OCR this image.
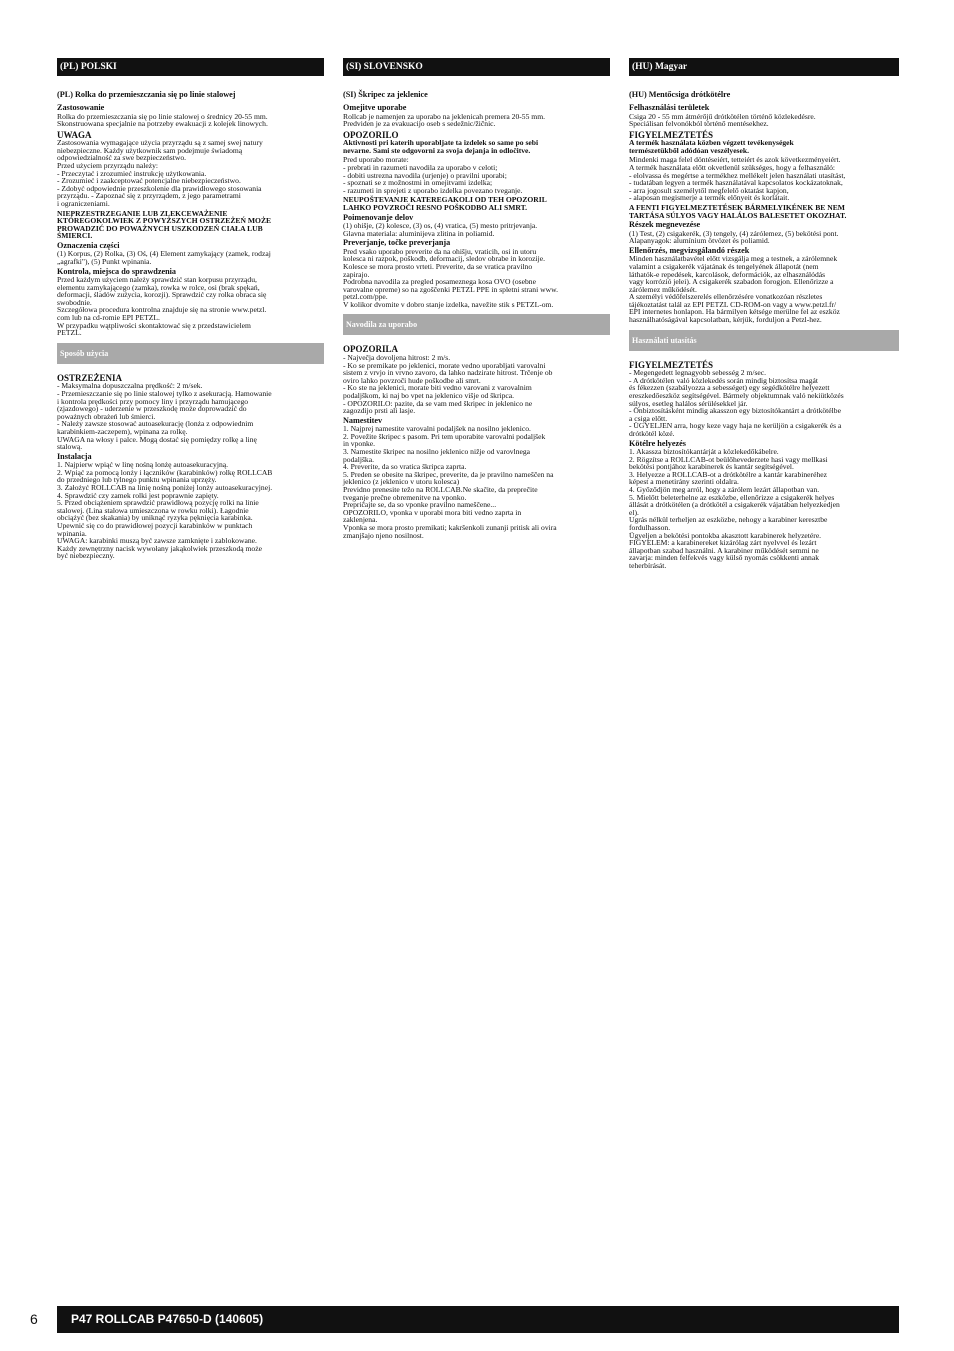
(PL) POLSKI
(PL) Rolka do przemieszczania się po linie stalowej
Zastosowanie
Rolka do przemieszczania się po linie stalowej o średnicy 20-55 mm.
Skonstruowana specjalnie na potrzeby ewakuacji z kolejek linowych.
UWAGA
Zastosowania wymagające użycia przyrządu są z samej swej natury
niebezpieczne. Każdy użytkownik sam podejmuje świadomą
odpowiedzialność za swe bezpieczeństwo.
Przed użyciem przyrządu należy:
- Przeczytać i zrozumieć instrukcję użytkowania.
- Zrozumieć i zaakceptować potencjalne niebezpieczeństwo.
- Zdobyć odpowiednie przeszkolenie dla prawidłowego stosowania
przyrządu. - Zapoznać się z przyrządem, z jego parametrami
i ograniczeniami.
NIEPRZESTRZEGANIE LUB ZLEKCEWAŻENIE
KTÓREGOKOLWIEK Z POWYŻSZYCH OSTRZEŻEŃ MOŻE
PROWADZIĆ DO POWAŻNYCH USZKODZEŃ CIAŁA LUB
ŚMIERCI.
Oznaczenia części
(1) Korpus, (2) Rolka, (3) Oś, (4) Element zamykający (zamek, rodzaj
„agrafki"), (5) Punkt wpinania.
Kontrola, miejsca do sprawdzenia
Przed każdym użyciem należy sprawdzić stan korpusu przyrządu,
elementu zamykającego (zamka), rowka w rolce, osi (brak spękań,
deformacji, śladów zużycia, korozji). Sprawdzić czy rolka obraca się
swobodnie.
Szczegółowa procedura kontrolna znajduje się na stronie www.petzl.
com lub na cd-romie EPI PETZL.
W przypadku wątpliwości skontaktować się z przedstawicielem
PETZL.
Sposób użycia
OSTRZEŻENIA
- Maksymalna dopuszczalna prędkość: 2 m/sek.
- Przemieszczanie się po linie stalowej tylko z asekuracją. Hamowanie
i kontrola prędkości przy pomocy liny i przyrządu hamującego
(zjazdowego) - uderzenie w przeszkodę może doprowadzić do
poważnych obrażeń lub śmierci.
- Należy zawsze stosować autoasekurację (lonża z odpowiednim
karabinkiem-zaczepem), wpinana za rolkę.
UWAGA na włosy i palce. Mogą dostać się pomiędzy rolkę a linę
stalową.
Instalacja
1. Najpierw wpiąć w linę nośną lonżę autoasekuracyjną.
2. Wpiąć za pomocą lonży i łączników (karabinków) rolkę ROLLCAB
do przedniego lub tylnego punktu wpinania uprzęży.
3. Założyć ROLLCAB na linię nośną poniżej lonży autoasekuracyjnej.
4. Sprawdzić czy zamek rolki jest poprawnie zapięty.
5. Przed obciążeniem sprawdzić prawidłową pozycję rolki na linie
stalowej. (Lina stalowa umieszczona w rowku rolki). Łagodnie
obciążyć (bez skakania) by uniknąć ryzyka pęknięcia karabinka.
Upewnić się co do prawidłowej pozycji karabinków w punktach
wpinania.
UWAGA: karabinki muszą być zawsze zamknięte i zablokowane.
Każdy zewnętrzny nacisk wywołany jakąkolwiek przeszkodą może
być niebezpieczny.
(SI) SLOVENSKO
(SI) Škripec za jeklenice
Omejitve uporabe
Rollcab je namenjen za uporabo na jeklenicah premera 20-55 mm.
Predviden je za evakuacijo oseb s sedežnic/žičnic.
OPOZORILO
Aktivnosti pri katerih uporabljate ta izdelek so same po sebi
nevarne. Sami ste odgovorni za svoja dejanja in odločitve.
Pred uporabo morate:
- prebrati in razumeti navodila za uporabo v celoti;
- dobiti ustrezna navodila (urjenje) o pravilni uporabi;
- spoznati se z možnostmi in omejitvami izdelka;
- razumeti in sprejeti z uporabo izdelka povezano tveganje.
NEUPOŠTEVANJE KATEREGAKOLI OD TEH OPOZORIL
LAHKO POVZROČI RESNO POŠKODBO ALI SMRT.
Poimenovanje delov
(1) ohišje, (2) kolesce, (3) os, (4) vratica, (5) mesto pritrjevanja.
Glavna materiala: aluminijeva zlitina in poliamid.
Preverjanje, točke preverjanja
Pred vsako uporabo preverite da na ohišju, vraticih, osi in utoru
kolesca ni razpok, poškodb, deformacij, sledov obrabe in korozije.
Kolesce se mora prosto vrteti. Preverite, da se vratica pravilno
zapirajo.
Podrobna navodila za pregled posameznega kosa OVO (osebne
varovalne opreme) so na zgoščenki PETZL PPE in spletni strani www.
petzl.com/ppe.
V kolikor dvomite v dobro stanje izdelka, navežite stik s PETZL-om.
Navodila za uporabo
OPOZORILA
- Največja dovoljena hitrost: 2 m/s.
- Ko se premikate po jeklenici, morate vedno uporabljati varovalni
sistem z vrvjo in vrvno zavoro, da lahko nadzirate hitrost. Trčenje ob
ovirо lahko povzroči hude poškodbe ali smrt.
- Ko ste na jeklenici, morate biti vedno varovani z varovalnim
podaljškom, ki naj bo vpet na jeklenico višje od škripca.
- OPOZORILO: pazite, da se vam med škripec in jeklenico ne
zagozdijo prsti ali lasje.
Namestitev
1. Najprej namestite varovalni podaljšek na nosilno jeklenico.
2. Povežite škripec s pasom. Pri tem uporabite varovalni podaljšek
in vponke.
3. Namestite škripec na nosilno jeklenico nižje od varovlnega
podaljška.
4. Preverite, da so vratica škripca zaprta.
5. Preden se obesite na škripec, preverite, da je pravilno nameščen na
jeklenico (z jeklenico v utoru kolesca)
Previdno prenesite težo na ROLLCAB.Ne skačite, da preprečite
tveganje prečne obremenitve na vponko.
Prepričajte se, da so vponke pravilno nameščene...
OPOZORILO, vponka v uporabi mora biti vedno zaprta in
zaklenjena.
Vponka se mora prosto premikati; kakršenkoli zunanji pritisk ali ovira
zmanjšajo njeno nosilnost.
(HU) Magyar
(HU) Mentőcsiga drótkötélre
Felhasználási területek
Csiga 20 - 55 mm átmérőjű drótkötélen történő közlekedésre.
Speciálisan felvonókból történő mentésekhez.
FIGYELMEZTETÉS
A termék használata közben végzett tevékenységek
természetükből adódóan veszélyesek.
Mindenki maga felel döntéseiért, tetteiért és azok következményeiért.
A termék használata előtt okvetlenül szükséges, hogy a felhasználó:
- elolvassa és megértse a termékhez mellékelt jelen használati utasítást,
- tudatában legyen a termék használatával kapcsolatos kockázatoknak,
- arra jogosult személytől megfelelő oktatást kapjon,
- alaposan megismerje a termék előnyeit és korlátait.
A FENTI FIGYELMEZTETÉSEK BÁRMELYIKÉNEK BE NEM
TARTÁSA SÚLYOS VAGY HALÁLOS BALESETET OKOZHAT.
Részek megnevezése
(1) Test, (2) csigakerék, (3) tengely, (4) zárólemez, (5) bekötési pont.
Alapanyagok: alumínium ötvözet és poliamid.
Ellenőrzés, megvizsgálandó részek
Minden használatbavétel előtt vizsgálja meg a testnek, a zárólemnek
valamint a csigakerék vájatának és tengelyének állapotát (nem
láthatók-e repedések, karcolások, deformációk, az elhasználódás
vagy korrózió jelei). A csigakerék szabadon forogjon. Ellenőrizze a
zárólemez működését.
A személyi védőfelszerelés ellenőrzésére vonatkozóan részletes
tájékoztatást talál az EPI PETZL CD-ROM-on vagy a www.petzl.fr/
EPI internetes honlapon. Ha bármilyen kétsége merülne fel az eszköz
használhatóságával kapcsolatban, kérjük, forduljon a Petzl-hez.
Használati utasítás
FIGYELMEZTETÉS
- Megengedett legnagyobb sebesség 2 m/sec.
- A drótkötélen való közlekedés során mindig biztosítsa magát
és fékezzen (szabályozza a sebességet) egy segédkötélre helyezett
ereszkedőeszköz segítségével. Bármely objektumnak való nekiütközés
súlyos, esetleg halálos sérülésekkel jár.
- Önbiztosításként mindig akasszon egy biztosítókantárt a drótkötélbe
a csiga előtt.
- ÜGYELJEN arra, hogy keze vagy haja ne kerüljön a csigakerék és a
drótkötél közé.
Kötélre helyezés
1. Akassza biztosítókantárját a közlekedőkábelre.
2. Rögzítse a ROLLCAB-ot beülőhevederzete hasi vagy mellkasi
bekötési pontjához karabinerek és kantár segítségével.
3. Helyezze a ROLLCAB-ot a drótkötélre a kantár karabineréhez
képest a menetirány szerinti oldalra.
4. Győződjön meg arról, hogy a zárólem lezárt állapotban van.
5. Mielőtt beleterhelne az eszközbe, ellenőrizze a csigakerék helyes
állását a drótkötélen (a drótkötél a csigakerék vájatában helyezkedjen
el).
Ugrás nélkül terheljen az eszközbe, nehogy a karabiner keresztbe
fordulhasson.
Ügyeljen a bekötési pontokba akasztott karabinerek helyzetére.
FIGYELEM: a karabinereket kizárólag zárt nyelvvel és lezárt
állapotban szabad használni. A karabiner működését semmi ne
zavarja: minden felfekvés vagy külső nyomás csökkenti annak
teherbírását.
6	P47 ROLLCAB P47650-D (140605)
